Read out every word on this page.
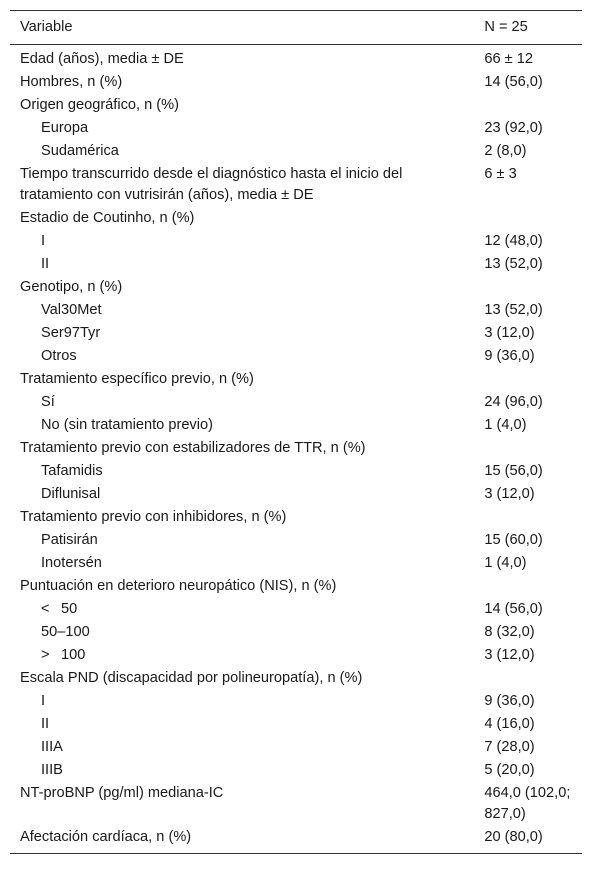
Variable	N = 25
Edad (años), media ± DE	66 ± 12
Hombres, n (%)	14 (56,0)
Origen geográfico, n (%)	
Europa	23 (92,0)
Sudamérica	2 (8,0)
Tiempo transcurrido desde el diagnóstico hasta el inicio del tratamiento con vutrisirán (años), media ± DE	6 ± 3
Estadio de Coutinho, n (%)	
I	12 (48,0)
II	13 (52,0)
Genotipo, n (%)	
Val30Met	13 (52,0)
Ser97Tyr	3 (12,0)
Otros	9 (36,0)
Tratamiento específico previo, n (%)	
Sí	24 (96,0)
No (sin tratamiento previo)	1 (4,0)
Tratamiento previo con estabilizadores de TTR, n (%)	
Tafamidis	15 (56,0)
Diflunisal	3 (12,0)
Tratamiento previo con inhibidores, n (%)	
Patisirán	15 (60,0)
Inotersén	1 (4,0)
Puntuación en deterioro neuropático (NIS), n (%)	
< 50	14 (56,0)
50–100	8 (32,0)
> 100	3 (12,0)
Escala PND (discapacidad por polineuropatía), n (%)	
I	9 (36,0)
II	4 (16,0)
IIIA	7 (28,0)
IIIB	5 (20,0)
NT-proBNP (pg/ml) mediana-IC	464,0 (102,0; 827,0)
Afectación cardíaca, n (%)	20 (80,0)
